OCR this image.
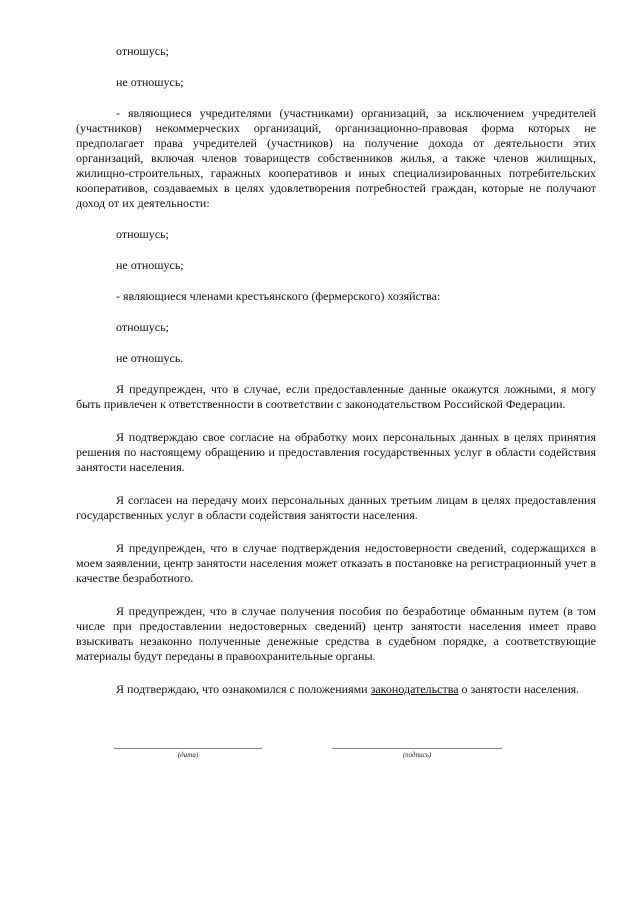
отношусь;
не отношусь;

- являющиеся учредителями (участниками) организаций, за исключением учредителей (участников) некоммерческих организаций, организационно-правовая форма которых не предполагает права учредителей (участников) на получение дохода от деятельности этих организаций, включая членов товариществ собственников жилья, а также членов жилищных, жилищно-строительных, гаражных кооперативов и иных специализированных потребительских кооперативов, создаваемых в целях удовлетворения потребностей граждан, которые не получают доход от их деятельности:

отношусь;
не отношусь;
- являющиеся членами крестьянского (фермерского) хозяйства:
отношусь;
не отношусь.

Я предупрежден, что в случае, если предоставленные данные окажутся ложными, я могу быть привлечен к ответственности в соответствии с законодательством Российской Федерации.

Я подтверждаю свое согласие на обработку моих персональных данных в целях принятия решения по настоящему обращению и предоставления государственных услуг в области содействия занятости населения.

Я согласен на передачу моих персональных данных третьим лицам в целях предоставления государственных услуг в области содействия занятости населения.

Я предупрежден, что в случае подтверждения недостоверности сведений, содержащихся в моем заявлении, центр занятости населения может отказать в постановке на регистрационный учет в качестве безработного.

Я предупрежден, что в случае получения пособия по безработице обманным путем (в том числе при предоставлении недостоверных сведений) центр занятости населения имеет право взыскивать незаконно полученные денежные средства в судебном порядке, а соответствующие материалы будут переданы в правоохранительные органы.

Я подтверждаю, что ознакомился с положениями законодательства о занятости населения.

(дата)	(подпись)
